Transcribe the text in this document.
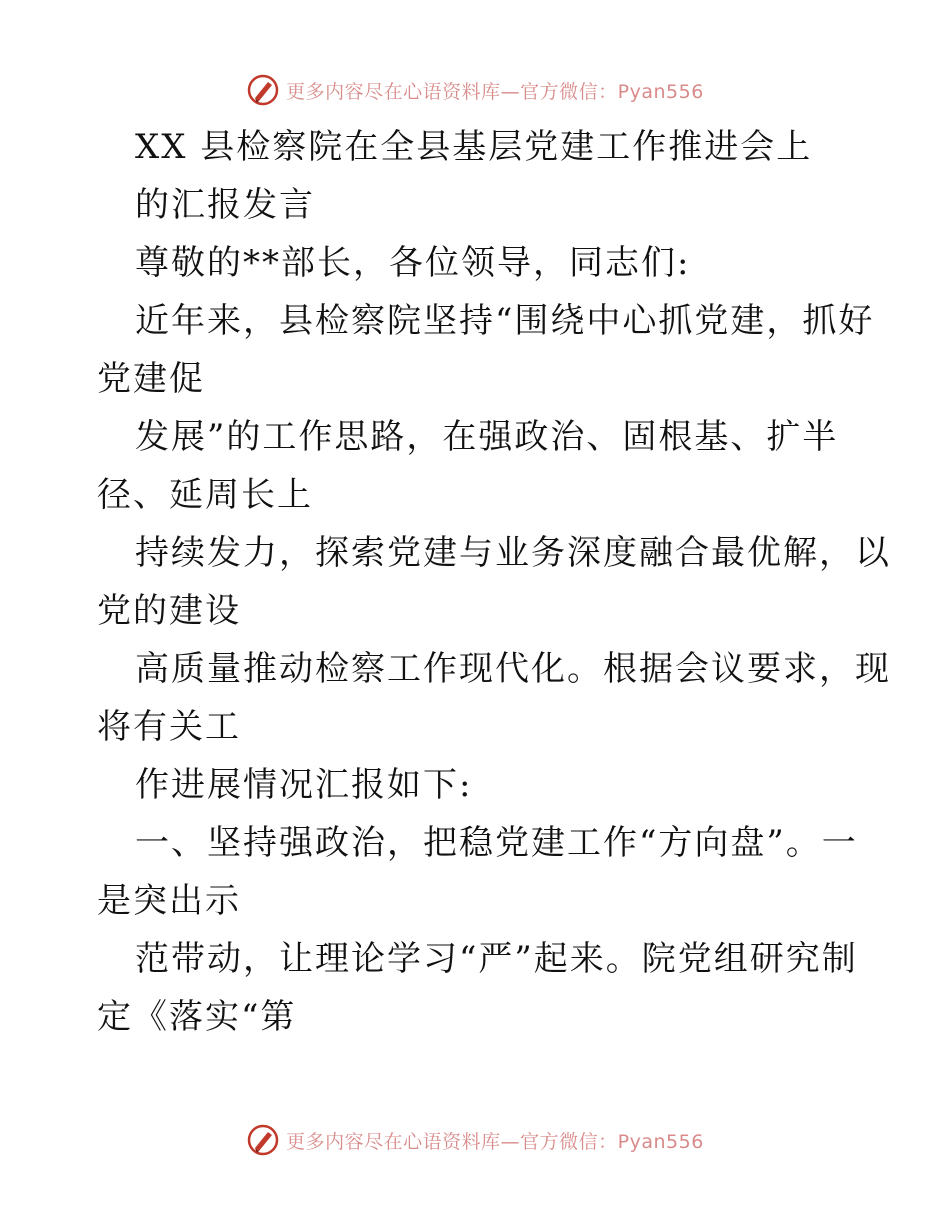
更多内容尽在心语资料库—官方微信：Pyan556
XX 县检察院在全县基层党建工作推进会上
的汇报发言
尊敬的**部长，各位领导，同志们:
近年来，县检察院坚持“围绕中心抓党建，抓好
党建促
发展”的工作思路，在强政治、固根基、扩半
径、延周长上
持续发力，探索党建与业务深度融合最优解，以
党的建设
高质量推动检察工作现代化。根据会议要求，现
将有关工
作进展情况汇报如下:
一、坚持强政治，把稳党建工作“方向盘”。一
是突出示
范带动，让理论学习“严”起来。院党组研究制
定《落实“第
更多内容尽在心语资料库—官方微信：Pyan556
